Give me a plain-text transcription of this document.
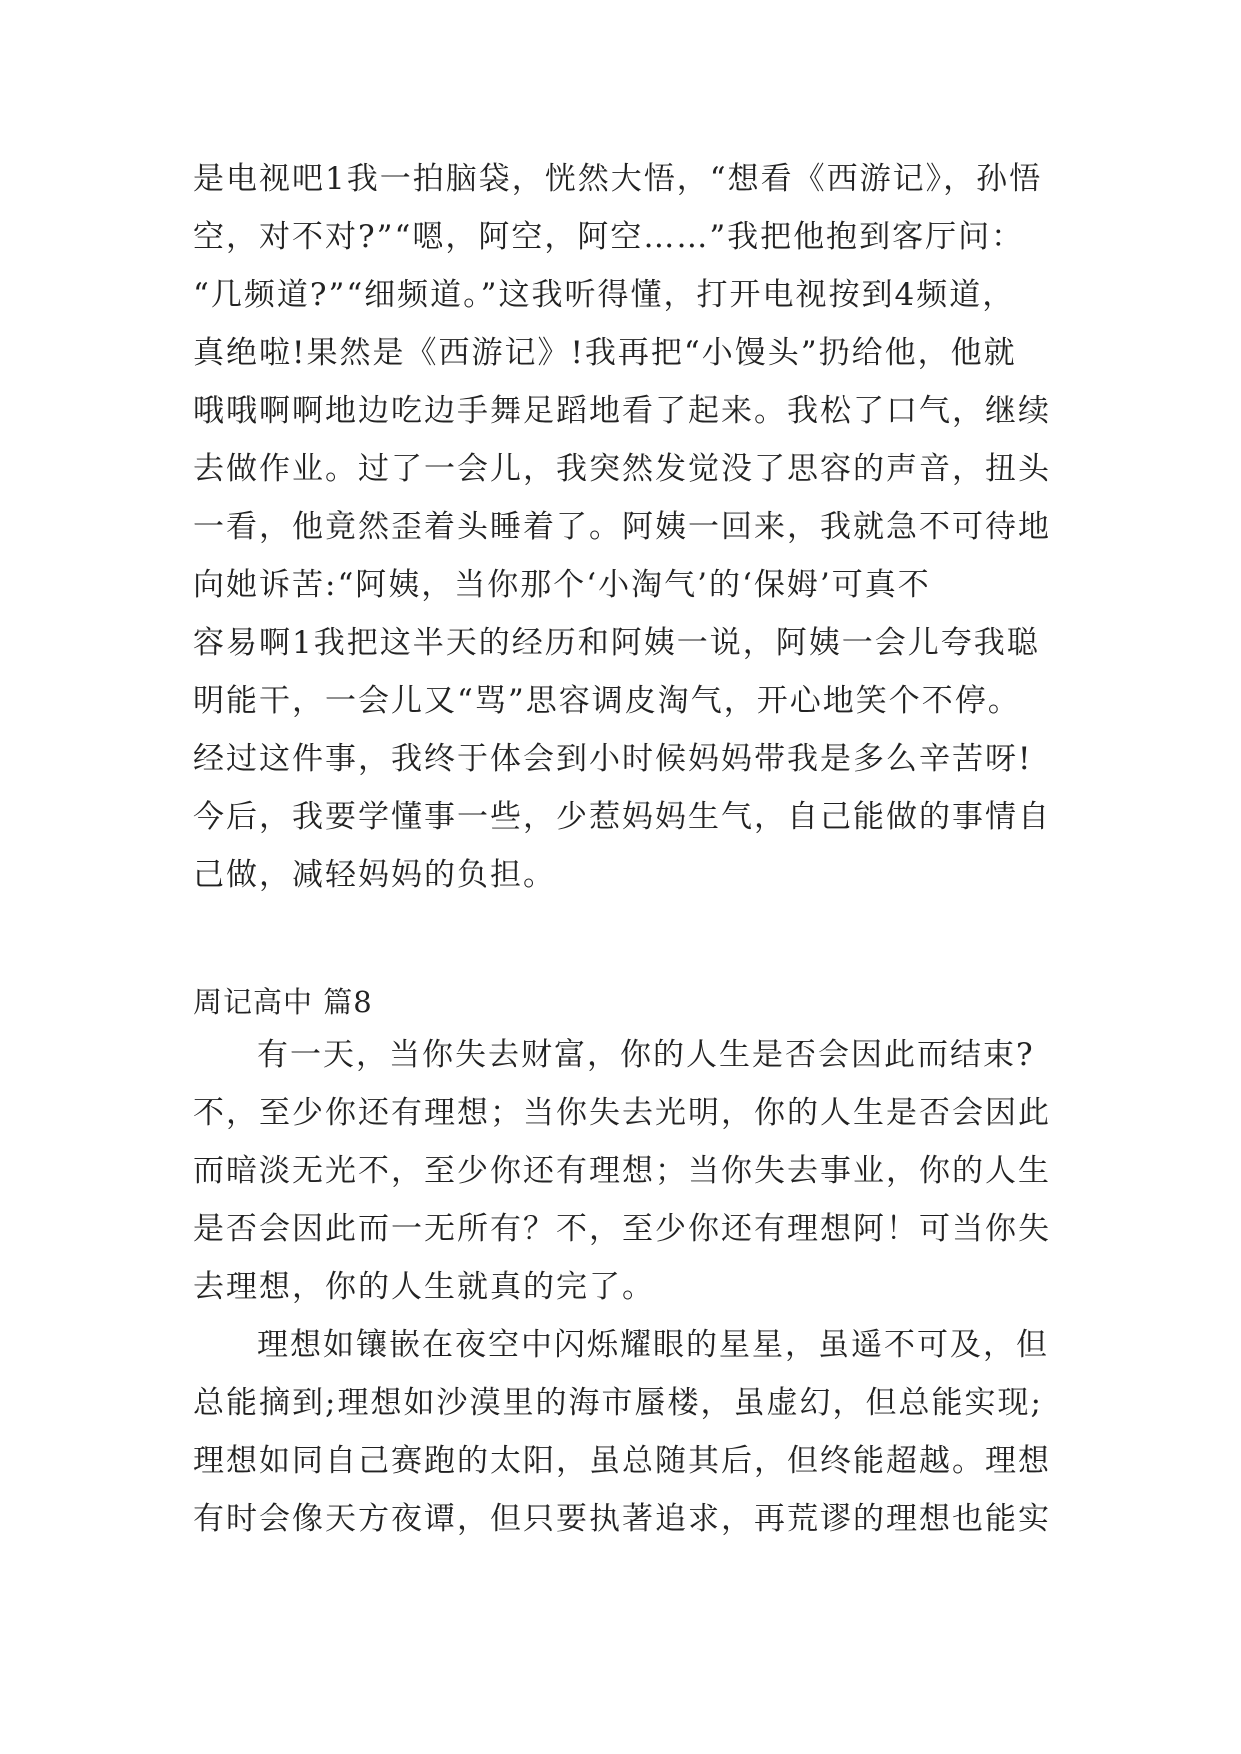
是电视吧1我一拍脑袋，恍然大悟，“想看《西游记》，孙悟
空，对不对?”“嗯，阿空，阿空……”我把他抱到客厅问：
“几频道?”“细频道。”这我听得懂，打开电视按到4频道，
真绝啦!果然是《西游记》!我再把“小馒头”扔给他，他就
哦哦啊啊地边吃边手舞足蹈地看了起来。我松了口气，继续
去做作业。过了一会儿，我突然发觉没了思容的声音，扭头
一看，他竟然歪着头睡着了。阿姨一回来，我就急不可待地
向她诉苦:“阿姨，当你那个‘小淘气’的‘保姆’可真不
容易啊1我把这半天的经历和阿姨一说，阿姨一会儿夸我聪
明能干，一会儿又“骂”思容调皮淘气，开心地笑个不停。
经过这件事，我终于体会到小时候妈妈带我是多么辛苦呀!
今后，我要学懂事一些，少惹妈妈生气，自己能做的事情自
己做，减轻妈妈的负担。
周记高中 篇8
有一天，当你失去财富，你的人生是否会因此而结束?
不，至少你还有理想；当你失去光明，你的人生是否会因此
而暗淡无光不，至少你还有理想；当你失去事业，你的人生
是否会因此而一无所有？不，至少你还有理想阿！可当你失
去理想，你的人生就真的完了。
理想如镶嵌在夜空中闪烁耀眼的星星，虽遥不可及，但
总能摘到;理想如沙漠里的海市蜃楼，虽虚幻，但总能实现;
理想如同自己赛跑的太阳，虽总随其后，但终能超越。理想
有时会像天方夜谭，但只要执著追求，再荒谬的理想也能实
